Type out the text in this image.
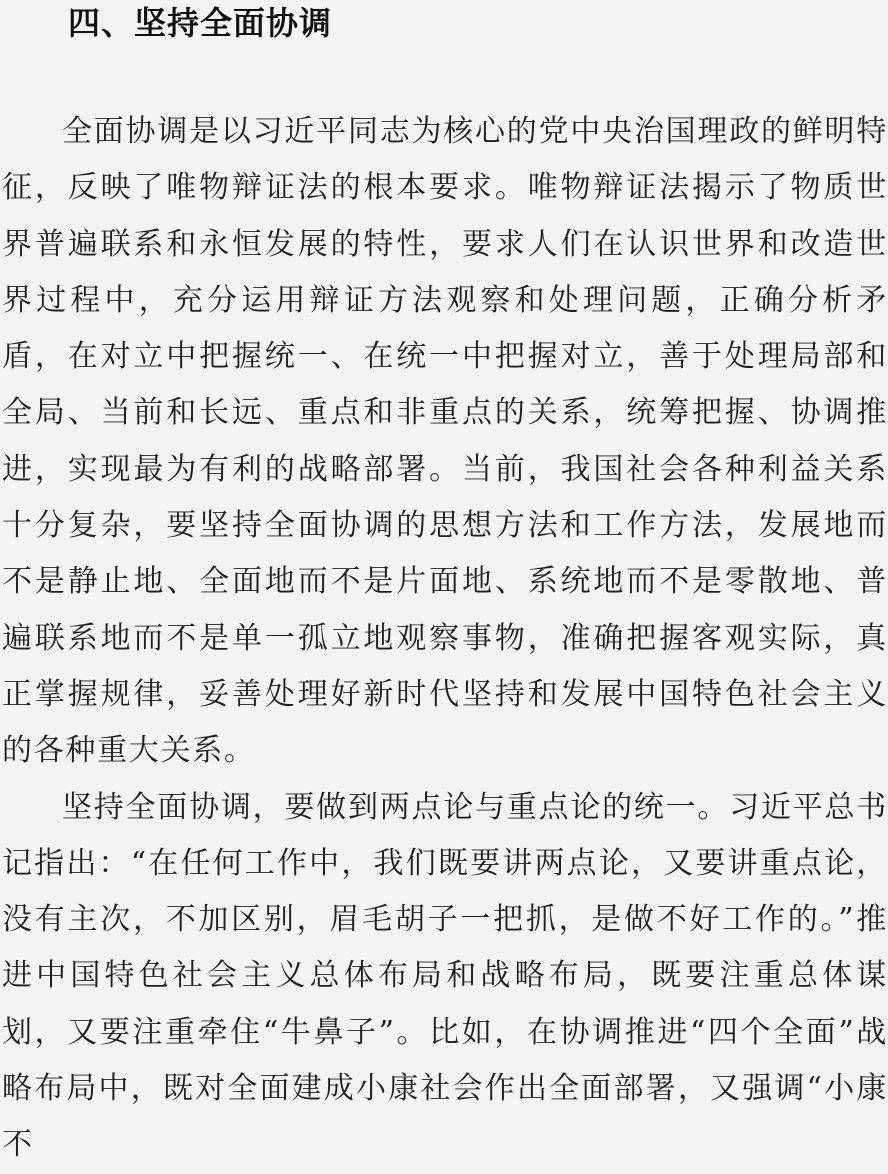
四、坚持全面协调

全面协调是以习近平同志为核心的党中央治国理政的鲜明特征，反映了唯物辩证法的根本要求。唯物辩证法揭示了物质世界普遍联系和永恒发展的特性，要求人们在认识世界和改造世界过程中，充分运用辩证方法观察和处理问题，正确分析矛盾，在对立中把握统一、在统一中把握对立，善于处理局部和全局、当前和长远、重点和非重点的关系，统筹把握、协调推进，实现最为有利的战略部署。当前，我国社会各种利益关系十分复杂，要坚持全面协调的思想方法和工作方法，发展地而不是静止地、全面地而不是片面地、系统地而不是零散地、普遍联系地而不是单一孤立地观察事物，准确把握客观实际，真正掌握规律，妥善处理好新时代坚持和发展中国特色社会主义的各种重大关系。

坚持全面协调，要做到两点论与重点论的统一。习近平总书记指出：“在任何工作中，我们既要讲两点论，又要讲重点论，没有主次，不加区别，眉毛胡子一把抓，是做不好工作的。”推进中国特色社会主义总体布局和战略布局，既要注重总体谋划，又要注重牵住“牛鼻子”。比如，在协调推进“四个全面”战略布局中，既对全面建成小康社会作出全面部署，又强调“小康不
